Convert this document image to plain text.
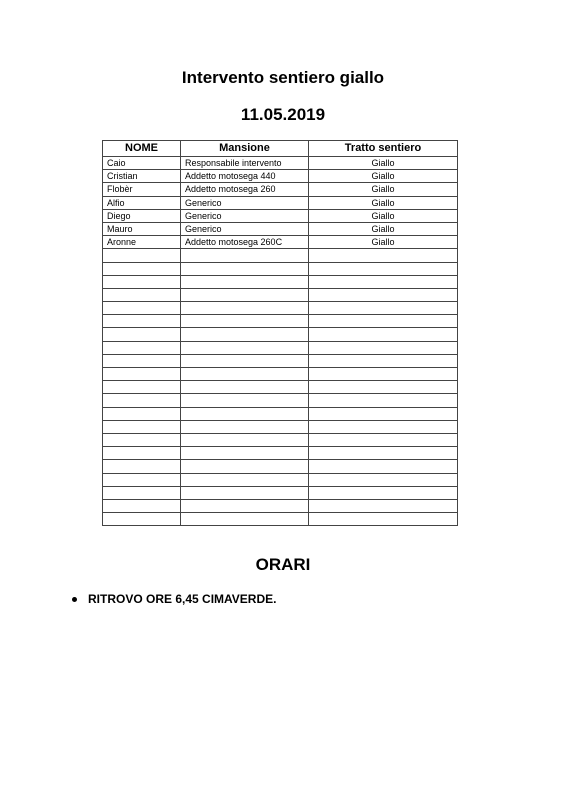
Intervento sentiero giallo
11.05.2019
NOME	Mansione	Tratto sentiero
Caio	Responsabile intervento	Giallo
Cristian	Addetto motosega 440	Giallo
Flobèr	Addetto motosega 260	Giallo
Alfio	Generico	Giallo
Diego	Generico	Giallo
Mauro	Generico	Giallo
Aronne	Addetto motosega 260C	Giallo

ORARI
RITROVO ORE 6,45 CIMAVERDE.
